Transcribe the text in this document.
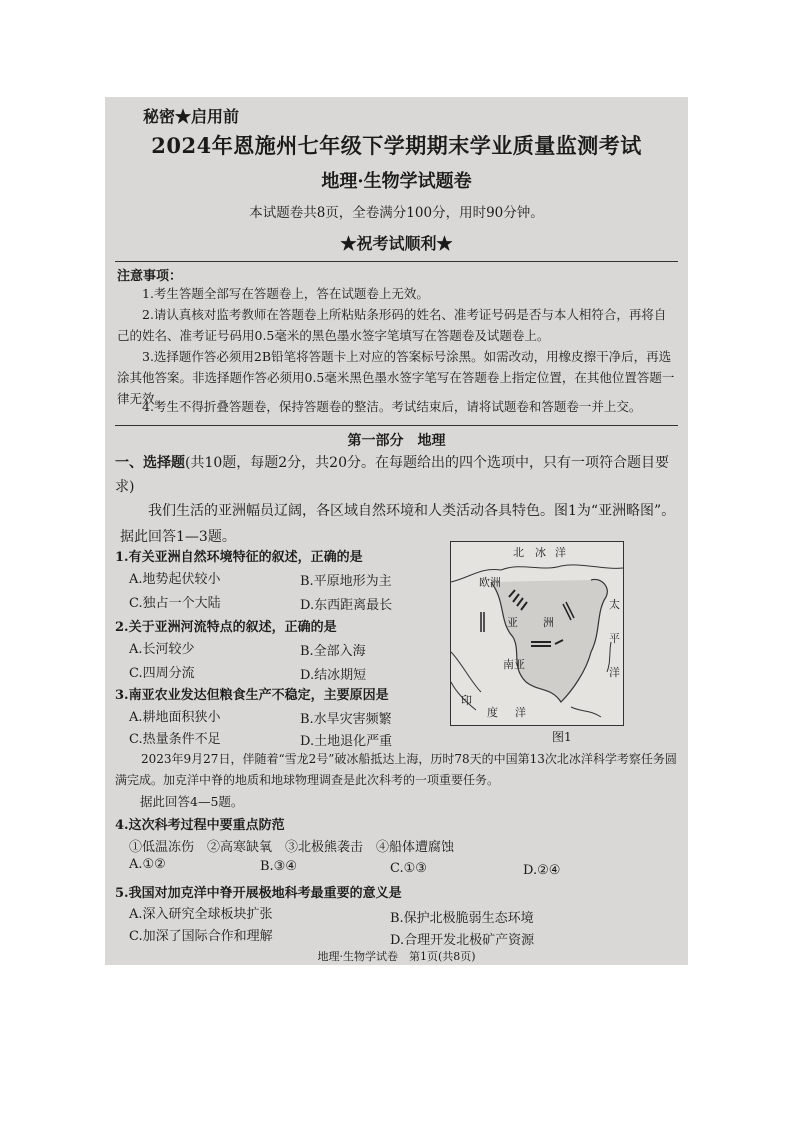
秘密★启用前
2024年恩施州七年级下学期期末学业质量监测考试
地理·生物学试题卷
本试题卷共8页，全卷满分100分，用时90分钟。
★祝考试顺利★
注意事项：
1.考生答题全部写在答题卷上，答在试题卷上无效。
2.请认真核对监考教师在答题卷上所粘贴条形码的姓名、准考证号码是否与本人相符合，再将自己的姓名、准考证号码用0.5毫米的黑色墨水签字笔填写在答题卷及试题卷上。
3.选择题作答必须用2B铅笔将答题卡上对应的答案标号涂黑。如需改动，用橡皮擦干净后，再选涂其他答案。非选择题作答必须用0.5毫米黑色墨水签字笔写在答题卷上指定位置，在其他位置答题一律无效。
4.考生不得折叠答题卷，保持答题卷的整洁。考试结束后，请将试题卷和答题卷一并上交。
第一部分　地理
一、选择题(共10题，每题2分，共20分。在每题给出的四个选项中，只有一项符合题目要求)
我们生活的亚洲幅员辽阔，各区域自然环境和人类活动各具特色。图1为“亚洲略图”。据此回答1—3题。
1.有关亚洲自然环境特征的叙述，正确的是
A.地势起伏较小	B.平原地形为主
C.独占一个大陆	D.东西距离最长
2.关于亚洲河流特点的叙述，正确的是
A.长河较少	B.全部入海
C.四周分流	D.结冰期短
3.南亚农业发达但粮食生产不稳定，主要原因是
A.耕地面积狭小	B.水旱灾害频繁
C.热量条件不足	D.土地退化严重
北 冰 洋
欧洲
亚 洲
太
平
洋
南亚
印
度 洋
图1
2023年9月27日，伴随着“雪龙2号”破冰船抵达上海，历时78天的中国第13次北冰洋科学考察任务圆满完成。加克洋中脊的地质和地球物理调查是此次科考的一项重要任务。
据此回答4—5题。
4.这次科考过程中要重点防范
①低温冻伤　②高寒缺氧　③北极熊袭击　④船体遭腐蚀
A.①②	B.③④	C.①③	D.②④
5.我国对加克洋中脊开展极地科考最重要的意义是
A.深入研究全球板块扩张	B.保护北极脆弱生态环境
C.加深了国际合作和理解	D.合理开发北极矿产资源
地理·生物学试卷　第1页(共8页)
